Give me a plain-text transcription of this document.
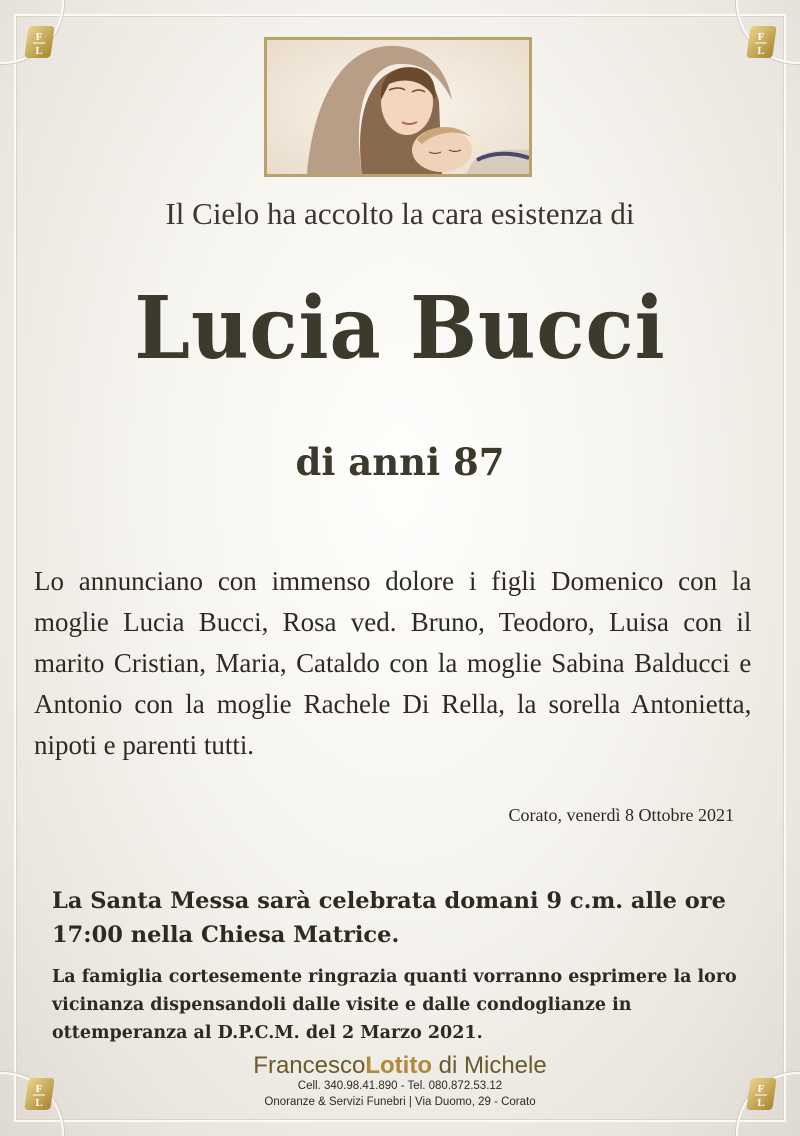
F
L
F
L
F
L
F
L
Il Cielo ha accolto la cara esistenza di
Lucia Bucci
di anni 87
Lo annunciano con immenso dolore i figli Domenico con la moglie Lucia Bucci, Rosa ved. Bruno, Teodoro, Luisa con il marito Cristian, Maria, Cataldo con la moglie Sabina Balducci e Antonio con la moglie Rachele Di Rella, la sorella Antonietta, nipoti e parenti tutti.
Corato, venerdì 8 Ottobre 2021
La Santa Messa sarà celebrata domani 9 c.m. alle ore 17:00 nella Chiesa Matrice.
La famiglia cortesemente ringrazia quanti vorranno esprimere la loro vicinanza dispensandoli dalle visite e dalle condoglianze in ottemperanza al D.P.C.M. del 2 Marzo 2021.
FrancescoLotito di Michele
Cell. 340.98.41.890 - Tel. 080.872.53.12
Onoranze & Servizi Funebri | Via Duomo, 29 - Corato
